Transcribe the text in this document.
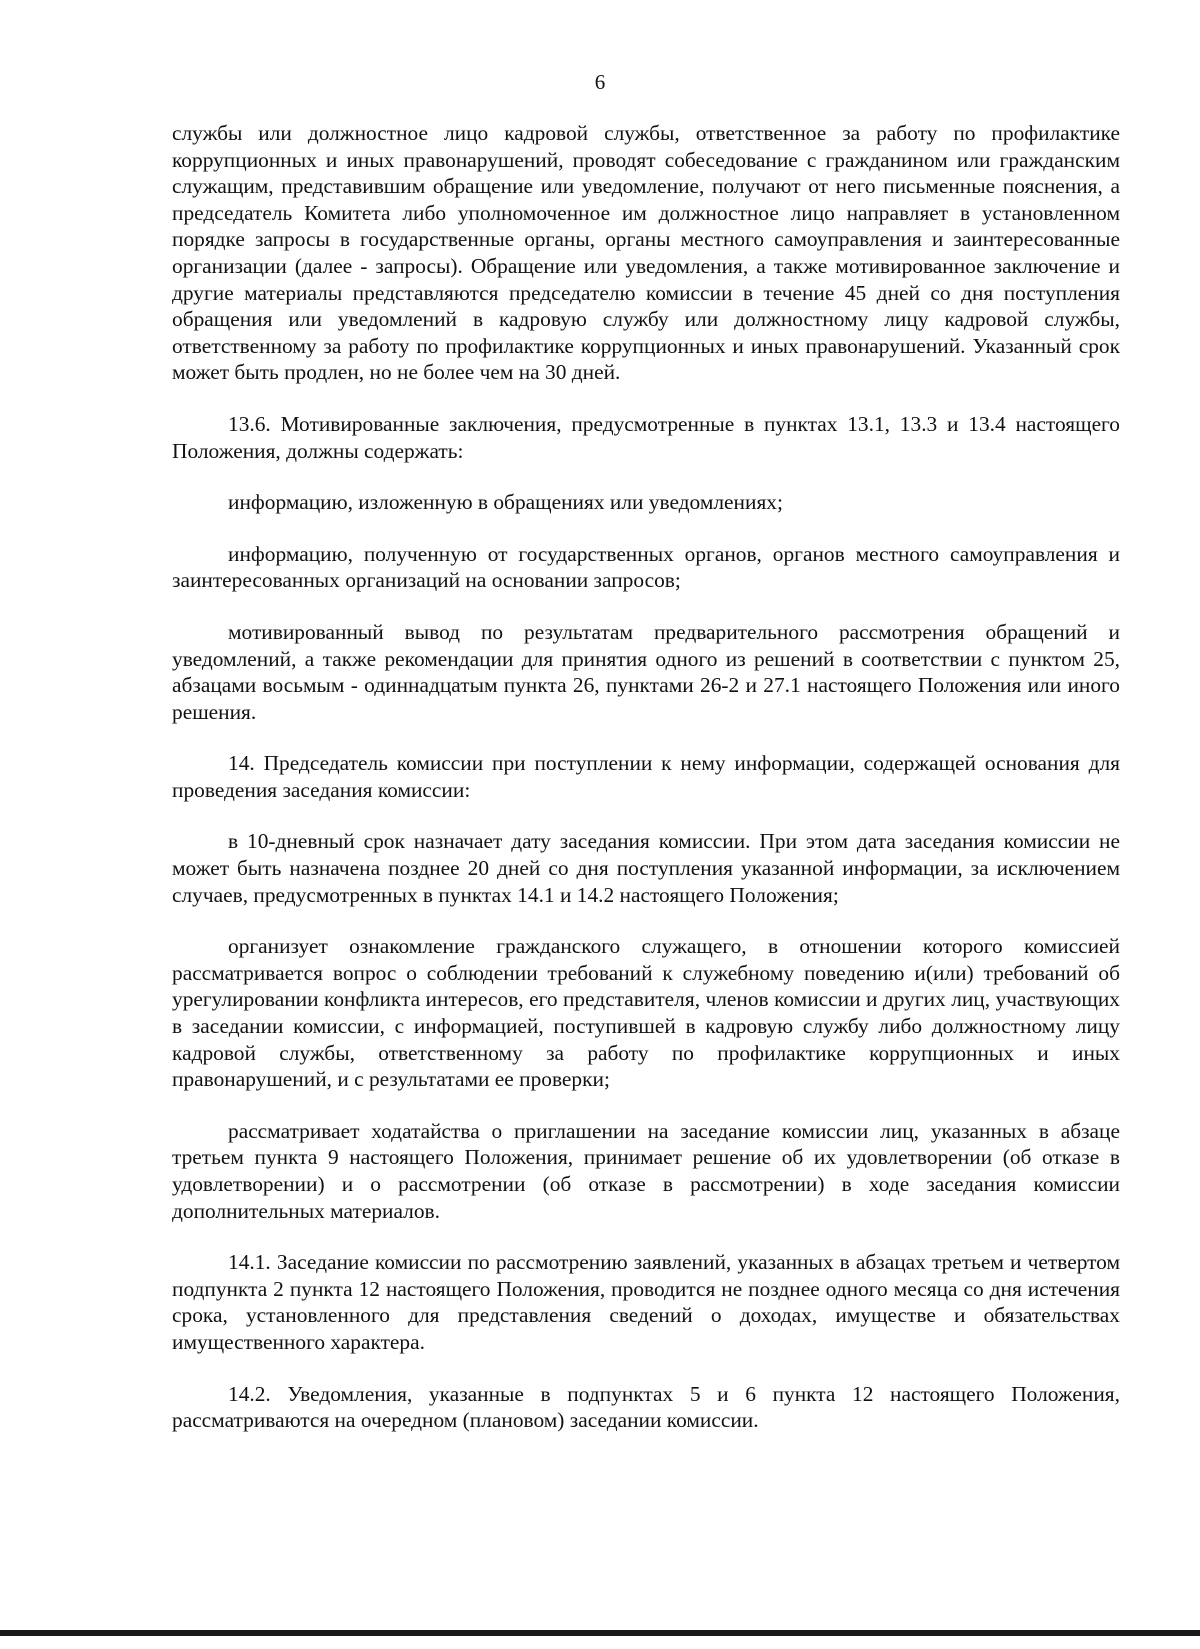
6

службы или должностное лицо кадровой службы, ответственное за работу по профилактике коррупционных и иных правонарушений, проводят собеседование с гражданином или гражданским служащим, представившим обращение или уведомление, получают от него письменные пояснения, а председатель Комитета либо уполномоченное им должностное лицо направляет в установленном порядке запросы в государственные органы, органы местного самоуправления и заинтересованные организации (далее - запросы). Обращение или уведомления, а также мотивированное заключение и другие материалы представляются председателю комиссии в течение 45 дней со дня поступления обращения или уведомлений в кадровую службу или должностному лицу кадровой службы, ответственному за работу по профилактике коррупционных и иных правонарушений. Указанный срок может быть продлен, но не более чем на 30 дней.

13.6. Мотивированные заключения, предусмотренные в пунктах 13.1, 13.3 и 13.4 настоящего Положения, должны содержать:

информацию, изложенную в обращениях или уведомлениях;

информацию, полученную от государственных органов, органов местного самоуправления и заинтересованных организаций на основании запросов;

мотивированный вывод по результатам предварительного рассмотрения обращений и уведомлений, а также рекомендации для принятия одного из решений в соответствии с пунктом 25, абзацами восьмым - одиннадцатым пункта 26, пунктами 26-2 и 27.1 настоящего Положения или иного решения.

14. Председатель комиссии при поступлении к нему информации, содержащей основания для проведения заседания комиссии:

в 10-дневный срок назначает дату заседания комиссии. При этом дата заседания комиссии не может быть назначена позднее 20 дней со дня поступления указанной информации, за исключением случаев, предусмотренных в пунктах 14.1 и 14.2 настоящего Положения;

организует ознакомление гражданского служащего, в отношении которого комиссией рассматривается вопрос о соблюдении требований к служебному поведению и(или) требований об урегулировании конфликта интересов, его представителя, членов комиссии и других лиц, участвующих в заседании комиссии, с информацией, поступившей в кадровую службу либо должностному лицу кадровой службы, ответственному за работу по профилактике коррупционных и иных правонарушений, и с результатами ее проверки;

рассматривает ходатайства о приглашении на заседание комиссии лиц, указанных в абзаце третьем пункта 9 настоящего Положения, принимает решение об их удовлетворении (об отказе в удовлетворении) и о рассмотрении (об отказе в рассмотрении) в ходе заседания комиссии дополнительных материалов.

14.1. Заседание комиссии по рассмотрению заявлений, указанных в абзацах третьем и четвертом подпункта 2 пункта 12 настоящего Положения, проводится не позднее одного месяца со дня истечения срока, установленного для представления сведений о доходах, имуществе и обязательствах имущественного характера.

14.2. Уведомления, указанные в подпунктах 5 и 6 пункта 12 настоящего Положения, рассматриваются на очередном (плановом) заседании комиссии.
